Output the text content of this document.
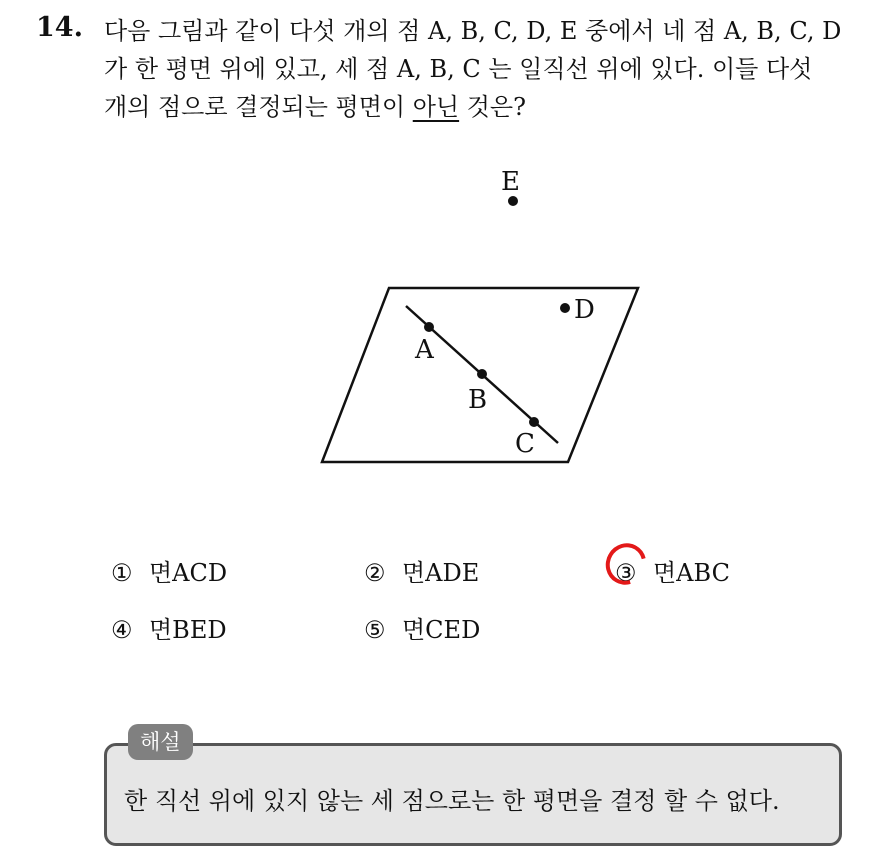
14. 다음 그림과 같이 다섯 개의 점 A, B, C, D, E 중에서 네 점 A, B, C, D
가 한 평면 위에 있고, 세 점 A, B, C 는 일직선 위에 있다. 이들 다섯
개의 점으로 결정되는 평면이 아닌 것은?
A
B
C
D
E
① 면ACD	② 면ADE	③ 면ABC
④ 면BED	⑤ 면CED
해설
한 직선 위에 있지 않는 세 점으로는 한 평면을 결정 할 수 없다.
